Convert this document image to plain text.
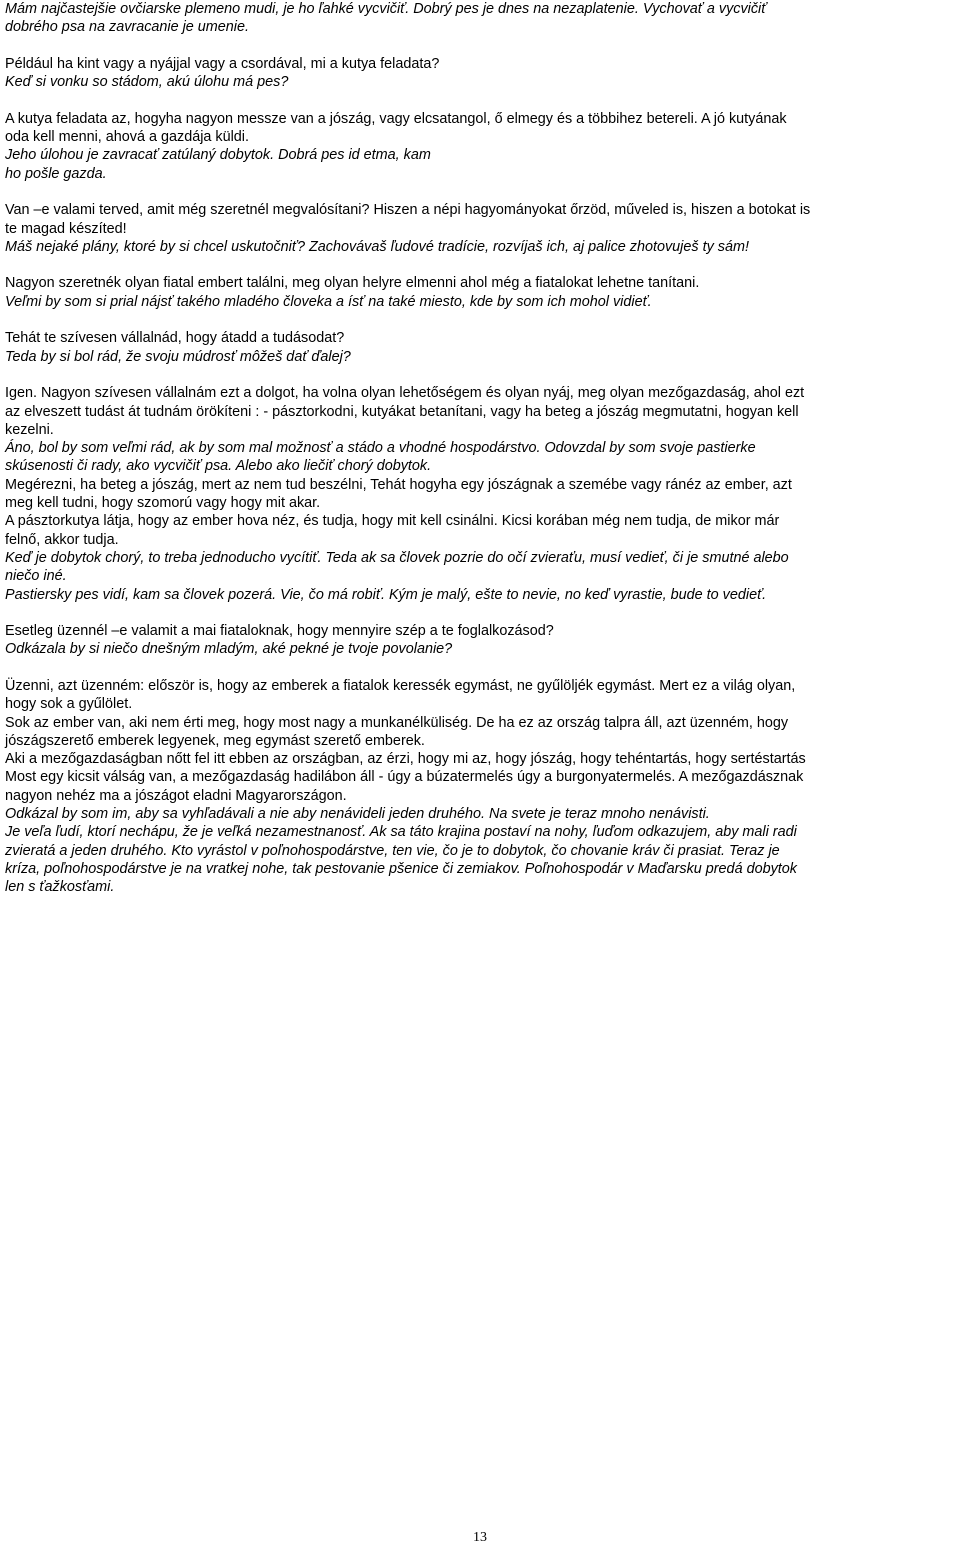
Mám najčastejšie ovčiarske plemeno mudi, je ho ľahké vycvičiť. Dobrý pes je dnes na nezaplatenie. Vychovať a vycvičiť
dobrého psa na zavracanie je umenie.
Például ha kint vagy a nyájjal vagy a csordával, mi a kutya feladata?
Keď si vonku so stádom, akú úlohu má pes?
A kutya feladata az, hogyha nagyon messze van a jószág, vagy elcsatangol, ő elmegy és a többihez betereli. A jó kutyának
oda kell menni, ahová a gazdája küldi.
Jeho úlohou je zavracať zatúlaný dobytok. Dobrá pes id etma, kam
ho pošle gazda.
Van –e valami terved, amit még szeretnél megvalósítani? Hiszen a népi hagyományokat őrzöd, műveled is, hiszen a botokat is
te magad készíted!
Máš nejaké plány, ktoré by si chcel uskutočniť? Zachovávaš ľudové tradície, rozvíjaš ich, aj palice zhotovuješ ty sám!
Nagyon szeretnék olyan fiatal embert találni, meg olyan helyre elmenni ahol még a fiatalokat lehetne tanítani.
Veľmi by som si prial nájsť takého mladého človeka a ísť na také miesto, kde by som ich mohol vidieť.
Tehát te szívesen vállalnád, hogy átadd a tudásodat?
Teda by si bol rád, že svoju múdrosť môžeš dať ďalej?
Igen. Nagyon szívesen vállalnám ezt a dolgot, ha volna olyan lehetőségem és olyan nyáj, meg olyan mezőgazdaság, ahol ezt
az elveszett tudást át tudnám örökíteni : - pásztorkodni, kutyákat betanítani, vagy ha beteg a jószág megmutatni, hogyan kell
kezelni.
Áno, bol by som veľmi rád, ak by som mal možnosť a stádo a vhodné hospodárstvo. Odovzdal by som svoje pastierke
skúsenosti či rady, ako vycvičiť psa. Alebo ako liečiť chorý dobytok.
Megérezni, ha beteg a jószág, mert az nem tud beszélni, Tehát hogyha egy jószágnak a szemébe vagy ránéz az ember, azt
meg kell tudni, hogy szomorú vagy hogy mit akar.
A pásztorkutya látja, hogy az ember hova néz, és tudja, hogy mit kell csinálni. Kicsi korában még nem tudja, de mikor már
felnő, akkor tudja.
Keď je dobytok chorý, to treba jednoducho vycítiť. Teda ak sa človek pozrie do očí zvieraťu, musí vedieť, či je smutné alebo
niečo iné.
Pastiersky pes vidí, kam sa človek pozerá. Vie, čo má robiť. Kým je malý, ešte to nevie, no keď vyrastie, bude to vedieť.
Esetleg üzennél –e valamit a mai fiataloknak, hogy mennyire szép a te foglalkozásod?
Odkázala by si niečo dnešným mladým, aké pekné je tvoje povolanie?
Üzenni, azt üzenném: először is, hogy az emberek a fiatalok keressék egymást, ne gyűlöljék egymást. Mert ez a világ olyan,
hogy sok a gyűlölet.
Sok az ember van, aki nem érti meg, hogy most nagy a munkanélküliség. De ha ez az ország talpra áll, azt üzenném, hogy
jószágszerető emberek legyenek, meg egymást szerető emberek.
Aki a mezőgazdaságban nőtt fel itt ebben az országban, az érzi, hogy mi az, hogy jószág, hogy tehéntartás, hogy sertéstartás
Most egy kicsit válság van, a mezőgazdaság hadilábon áll - úgy a búzatermelés úgy a burgonyatermelés. A mezőgazdásznak
nagyon nehéz ma a jószágot eladni Magyarországon.
Odkázal by som im, aby sa vyhľadávali a nie aby nenávideli jeden druhého. Na svete je teraz mnoho nenávisti.
Je veľa ľudí, ktorí nechápu, že je veľká nezamestnanosť. Ak sa táto krajina postaví na nohy, ľuďom odkazujem, aby mali radi
zvieratá a jeden druhého. Kto vyrástol v poľnohospodárstve, ten vie, čo je to dobytok, čo chovanie kráv či prasiat. Teraz je
kríza, poľnohospodárstve je na vratkej nohe, tak pestovanie pšenice či zemiakov. Poľnohospodár v Maďarsku predá dobytok
len s ťažkosťami.
13
